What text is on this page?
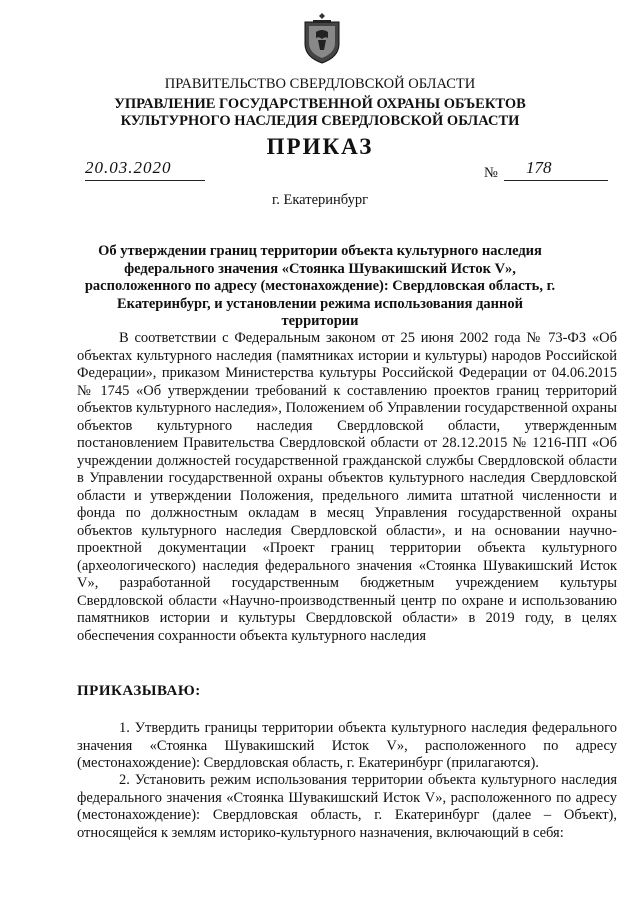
ПРАВИТЕЛЬСТВО СВЕРДЛОВСКОЙ ОБЛАСТИ
УПРАВЛЕНИЕ ГОСУДАРСТВЕННОЙ ОХРАНЫ ОБЪЕКТОВ КУЛЬТУРНОГО НАСЛЕДИЯ СВЕРДЛОВСКОЙ ОБЛАСТИ
ПРИКАЗ
20.03.2020	№	178
г. Екатеринбург
Об утверждении границ территории объекта культурного наследия федерального значения «Стоянка Шувакишский Исток V», расположенного по адресу (местонахождение): Свердловская область, г. Екатеринбург, и установлении режима использования данной территории
В соответствии с Федеральным законом от 25 июня 2002 года № 73-ФЗ «Об объектах культурного наследия (памятниках истории и культуры) народов Российской Федерации», приказом Министерства культуры Российской Федерации от 04.06.2015 № 1745 «Об утверждении требований к составлению проектов границ территорий объектов культурного наследия», Положением об Управлении государственной охраны объектов культурного наследия Свердловской области, утвержденным постановлением Правительства Свердловской области от 28.12.2015 № 1216-ПП «Об учреждении должностей государственной гражданской службы Свердловской области в Управлении государственной охраны объектов культурного наследия Свердловской области и утверждении Положения, предельного лимита штатной численности и фонда по должностным окладам в месяц Управления государственной охраны объектов культурного наследия Свердловской области», и на основании научно-проектной документации «Проект границ территории объекта культурного (археологического) наследия федерального значения «Стоянка Шувакишский Исток V», разработанной государственным бюджетным учреждением культуры Свердловской области «Научно-производственный центр по охране и использованию памятников истории и культуры Свердловской области» в 2019 году, в целях обеспечения сохранности объекта культурного наследия
ПРИКАЗЫВАЮ:
1. Утвердить границы территории объекта культурного наследия федерального значения «Стоянка Шувакишский Исток V», расположенного по адресу (местонахождение): Свердловская область, г. Екатеринбург (прилагаются).
2. Установить режим использования территории объекта культурного наследия федерального значения «Стоянка Шувакишский Исток V», расположенного по адресу (местонахождение): Свердловская область, г. Екатеринбург (далее – Объект), относящейся к землям историко-культурного назначения, включающий в себя:
